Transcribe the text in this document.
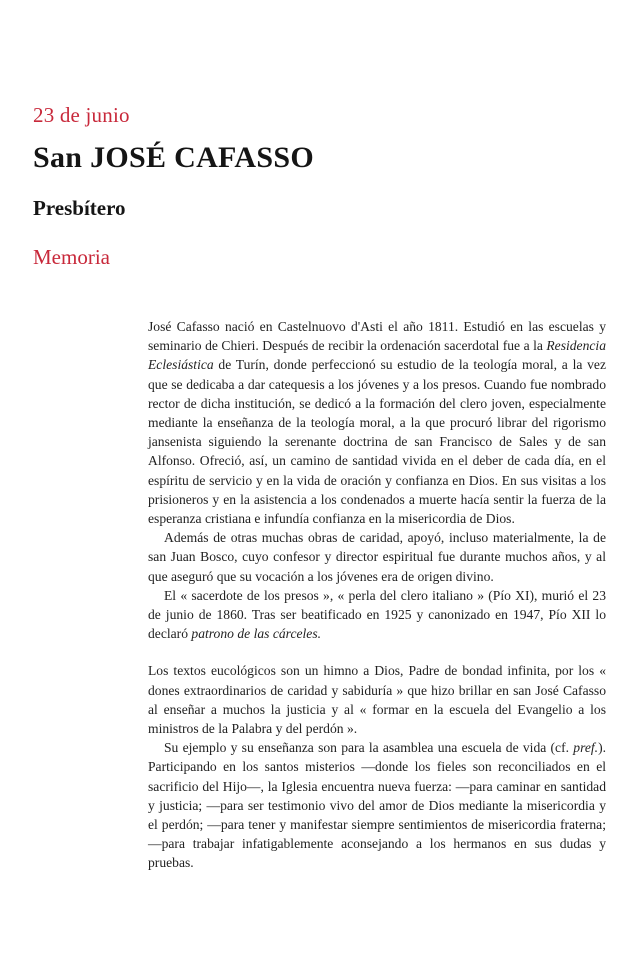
23 de junio
San JOSÉ CAFASSO
Presbítero
Memoria

José Cafasso nació en Castelnuovo d'Asti el año 1811. Estudió en las escuelas y seminario de Chieri. Después de recibir la ordenación sacerdotal fue a la Residencia Eclesiástica de Turín, donde perfeccionó su estudio de la teología moral, a la vez que se dedicaba a dar catequesis a los jóvenes y a los presos. Cuando fue nombrado rector de dicha institución, se dedicó a la formación del clero joven, especialmente mediante la enseñanza de la teología moral, a la que procuró librar del rigorismo jansenista siguiendo la serenante doctrina de san Francisco de Sales y de san Alfonso. Ofreció, así, un camino de santidad vivida en el deber de cada día, en el espíritu de servicio y en la vida de oración y confianza en Dios. En sus visitas a los prisioneros y en la asistencia a los condenados a muerte hacía sentir la fuerza de la esperanza cristiana e infundía confianza en la misericordia de Dios.

Además de otras muchas obras de caridad, apoyó, incluso materialmente, la de san Juan Bosco, cuyo confesor y director espiritual fue durante muchos años, y al que aseguró que su vocación a los jóvenes era de origen divino.

El « sacerdote de los presos », « perla del clero italiano » (Pío XI), murió el 23 de junio de 1860. Tras ser beatificado en 1925 y canonizado en 1947, Pío XII lo declaró patrono de las cárceles.

Los textos eucológicos son un himno a Dios, Padre de bondad infinita, por los « dones extraordinarios de caridad y sabiduría » que hizo brillar en san José Cafasso al enseñar a muchos la justicia y al « formar en la escuela del Evangelio a los ministros de la Palabra y del perdón ».

Su ejemplo y su enseñanza son para la asamblea una escuela de vida (cf. pref.). Participando en los santos misterios —donde los fieles son reconciliados en el sacrificio del Hijo—, la Iglesia encuentra nueva fuerza: —para caminar en santidad y justicia; —para ser testimonio vivo del amor de Dios mediante la misericordia y el perdón; —para tener y manifestar siempre sentimientos de misericordia fraterna; —para trabajar infatigablemente aconsejando a los hermanos en sus dudas y pruebas.
